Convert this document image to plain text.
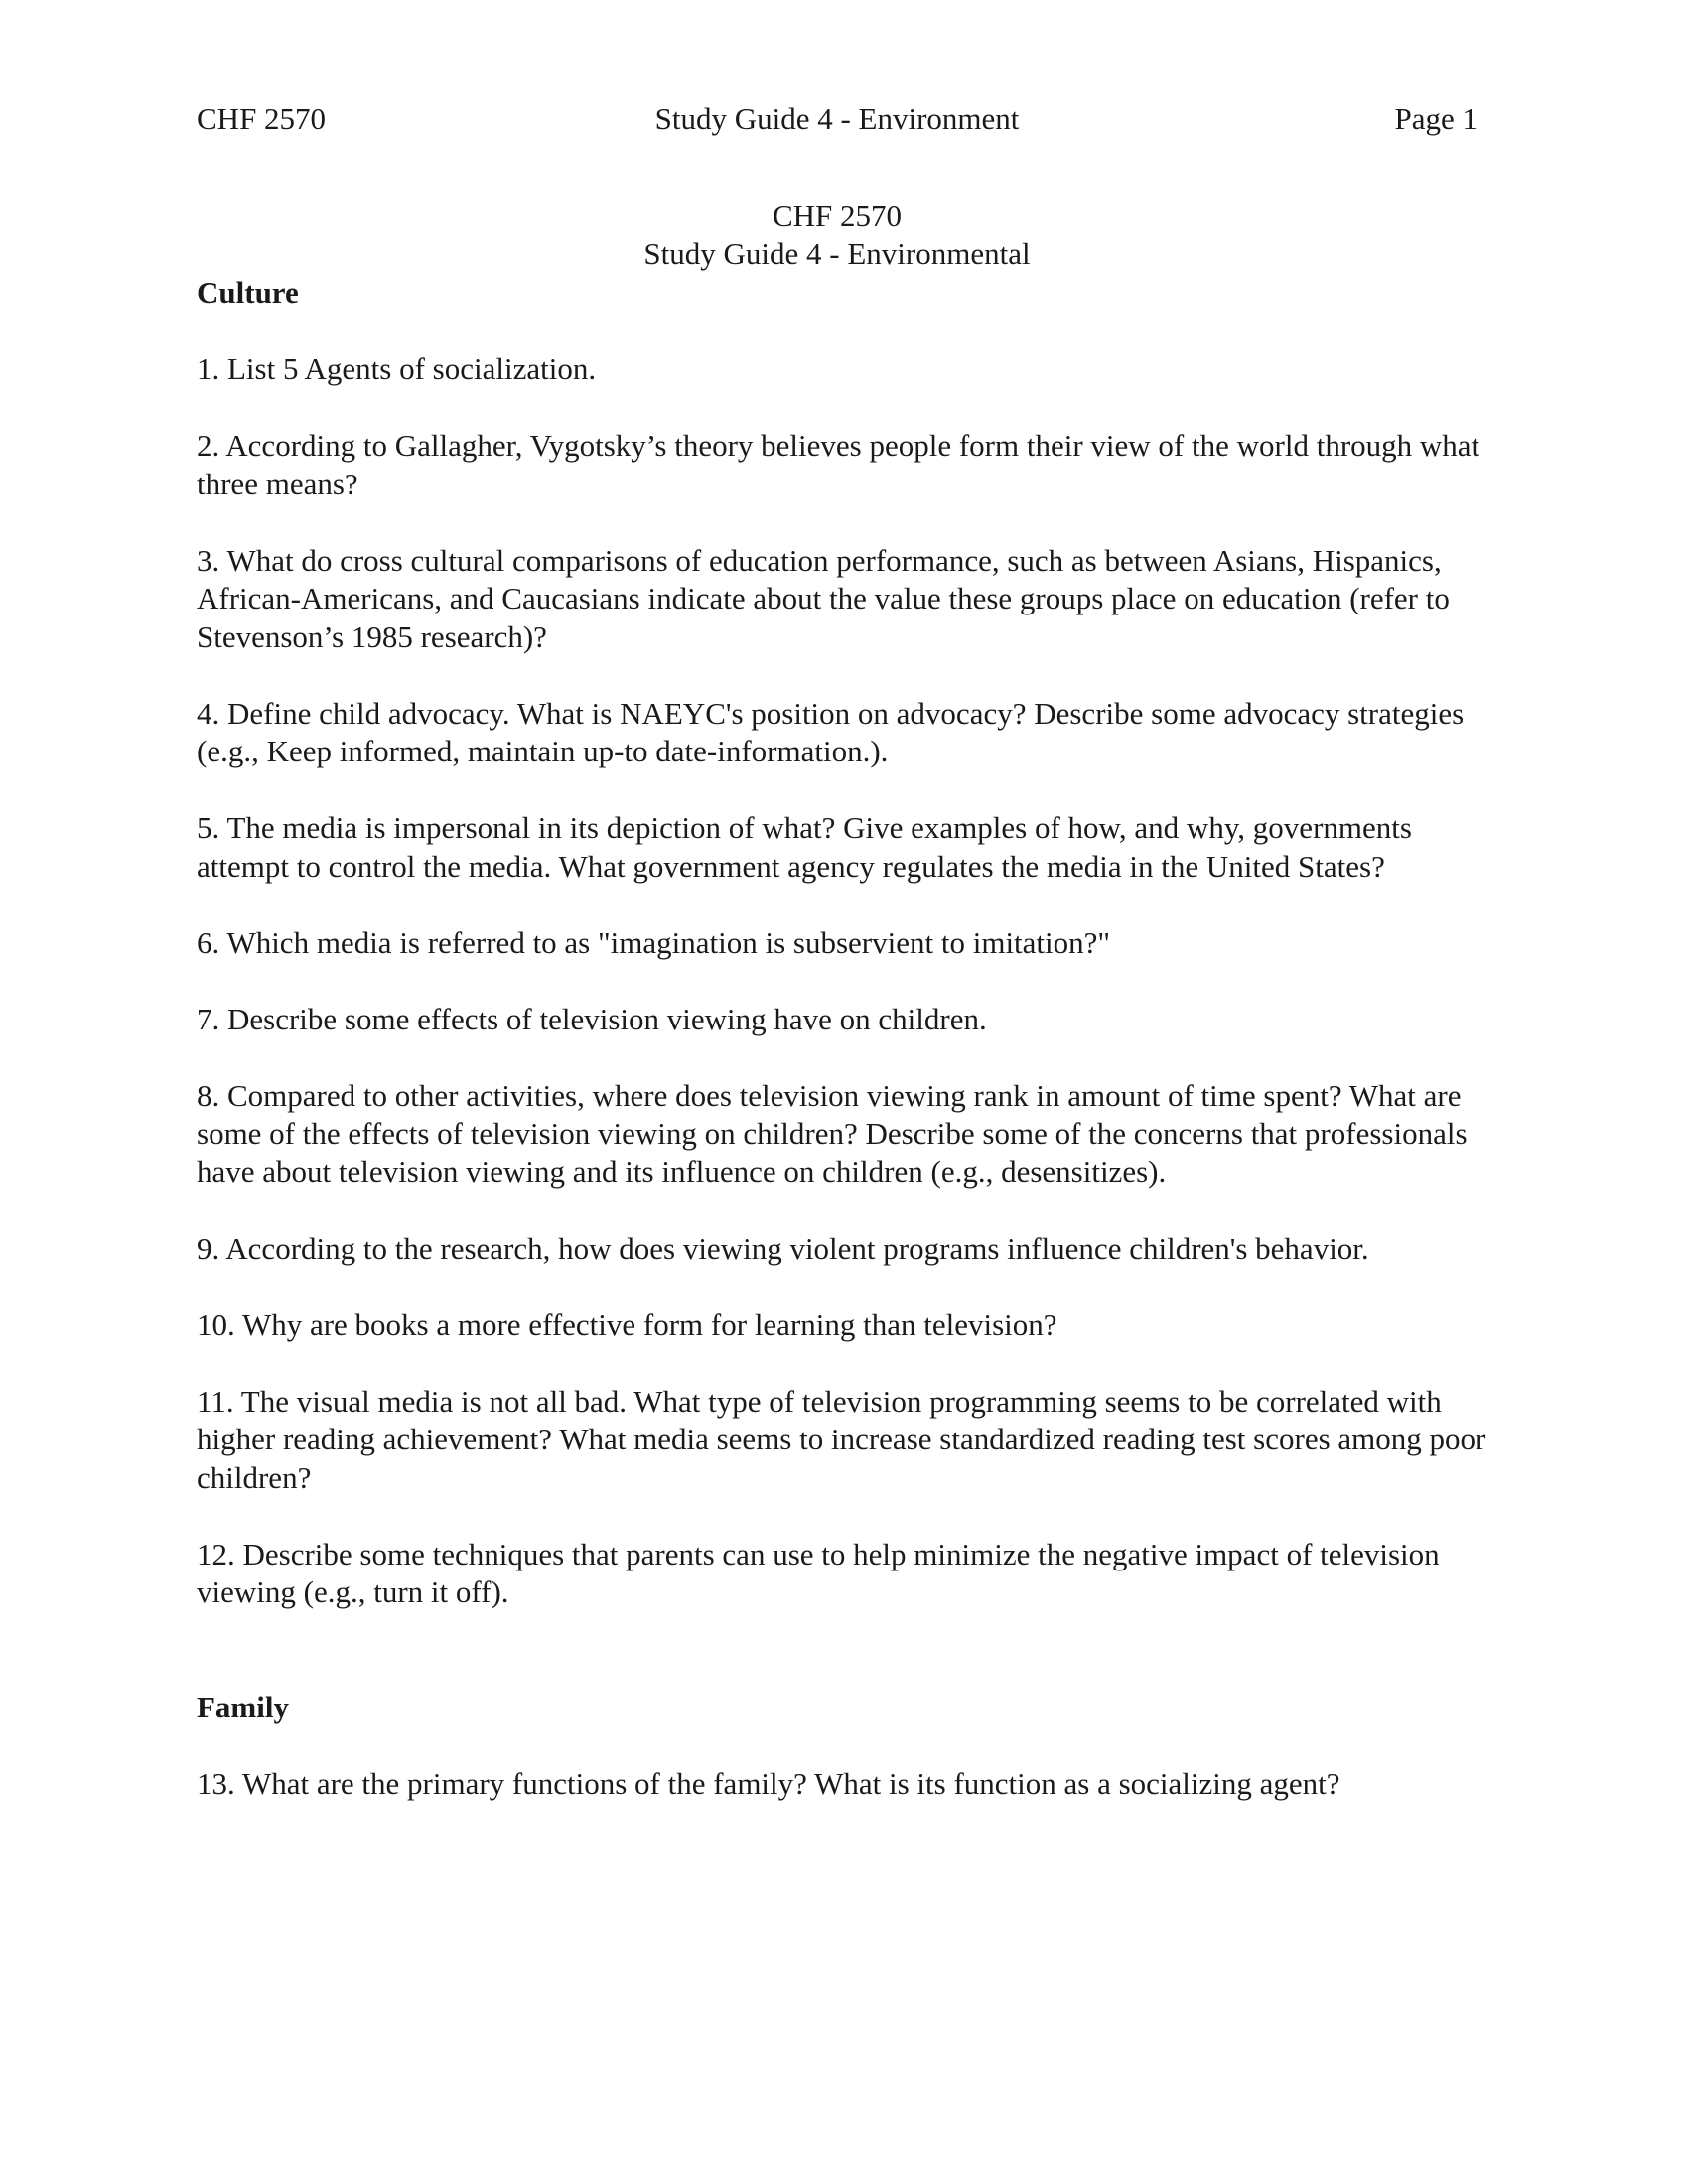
CHF 2570	Study Guide 4 - Environment	Page 1
CHF 2570
Study Guide 4 - Environmental

Culture

1. List 5 Agents of socialization.

2. According to Gallagher, Vygotsky’s theory believes people form their view of the world through what three means?

3. What do cross cultural comparisons of education performance, such as between Asians, Hispanics, African-Americans, and Caucasians indicate about the value these groups place on education (refer to Stevenson’s 1985 research)?

4. Define child advocacy. What is NAEYC's position on advocacy? Describe some advocacy strategies (e.g., Keep informed, maintain up-to date-information.).

5. The media is impersonal in its depiction of what? Give examples of how, and why, governments attempt to control the media. What government agency regulates the media in the United States?

6. Which media is referred to as "imagination is subservient to imitation?"

7. Describe some effects of television viewing have on children.

8. Compared to other activities, where does television viewing rank in amount of time spent? What are some of the effects of television viewing on children? Describe some of the concerns that professionals have about television viewing and its influence on children (e.g., desensitizes).

9. According to the research, how does viewing violent programs influence children's behavior.

10. Why are books a more effective form for learning than television?

11. The visual media is not all bad. What type of television programming seems to be correlated with higher reading achievement? What media seems to increase standardized reading test scores among poor children?

12. Describe some techniques that parents can use to help minimize the negative impact of television viewing (e.g., turn it off).

Family

13. What are the primary functions of the family? What is its function as a socializing agent?
